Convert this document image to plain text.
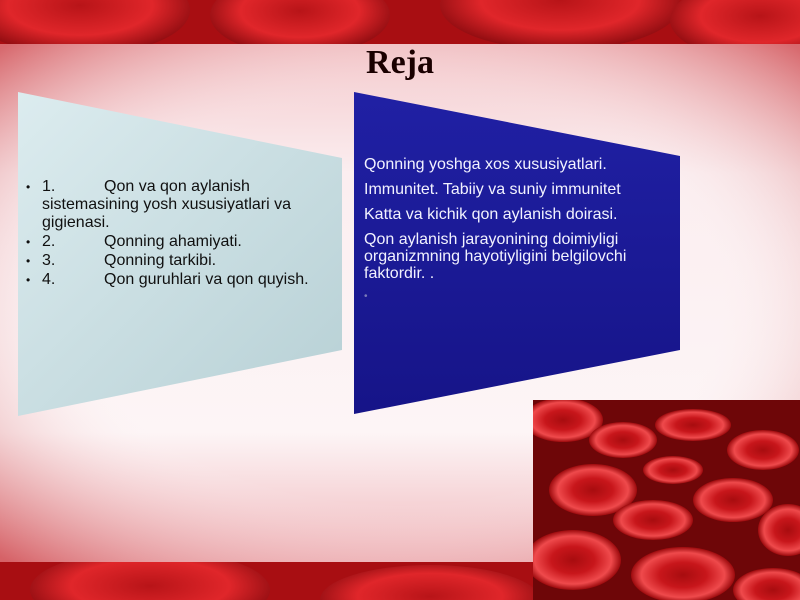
Reja
• 1.	Qon va qon aylanish sistemasining yosh xususiyatlari va gigienasi.
• 2.	Qonning ahamiyati.
• 3.	Qonning tarkibi.
• 4.	Qon guruhlari va qon quyish.

Qonning yoshga xos xususiyatlari.

Immunitet. Tabiiy va suniy immunitet

Katta va kichik qon aylanish doirasi.

Qon aylanish jarayonining doimiyligi organizmning hayotiyligini belgilovchi faktordir. .

•
